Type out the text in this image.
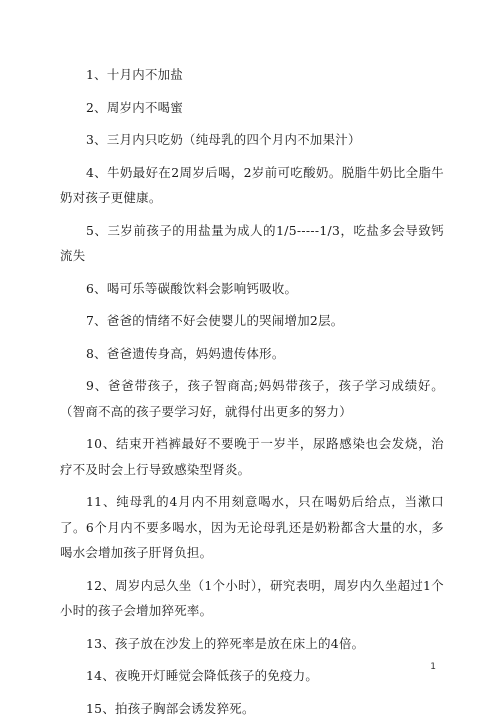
1、十月内不加盐

2、周岁内不喝蜜

3、三月内只吃奶（纯母乳的四个月内不加果汁）

4、牛奶最好在2周岁后喝，2岁前可吃酸奶。脱脂牛奶比全脂牛奶对孩子更健康。

5、三岁前孩子的用盐量为成人的1/5-----1/3，吃盐多会导致钙流失

6、喝可乐等碳酸饮料会影响钙吸收。

7、爸爸的情绪不好会使婴儿的哭闹增加2层。

8、爸爸遗传身高，妈妈遗传体形。

9、爸爸带孩子，孩子智商高;妈妈带孩子，孩子学习成绩好。（智商不高的孩子要学习好，就得付出更多的努力）

10、结束开裆裤最好不要晚于一岁半，尿路感染也会发烧，治疗不及时会上行导致感染型肾炎。

11、纯母乳的4月内不用刻意喝水，只在喝奶后给点，当漱口了。6个月内不要多喝水，因为无论母乳还是奶粉都含大量的水，多喝水会增加孩子肝肾负担。

12、周岁内忌久坐（1个小时），研究表明，周岁内久坐超过1个小时的孩子会增加猝死率。

13、孩子放在沙发上的猝死率是放在床上的4倍。

14、夜晚开灯睡觉会降低孩子的免疫力。

15、拍孩子胸部会诱发猝死。

1
